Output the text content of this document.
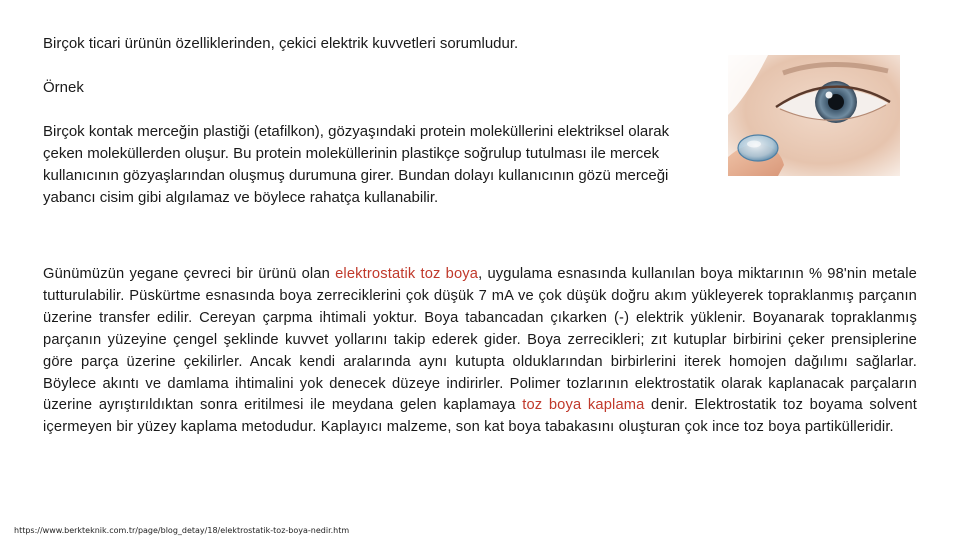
Birçok ticari ürünün özelliklerinden, çekici elektrik kuvvetleri sorumludur.
Örnek
Birçok kontak merceğin plastiği (etafilkon), gözyaşındaki protein moleküllerini elektriksel olarak çeken moleküllerden oluşur. Bu protein moleküllerinin plastikçe soğrulup tutulması ile mercek kullanıcının gözyaşlarından oluşmuş durumuna girer. Bundan dolayı kullanıcının gözü merceği yabancı cisim gibi algılamaz ve böylece rahatça kullanabilir.
Günümüzün yegane çevreci bir ürünü olan elektrostatik toz boya, uygulama esnasında kullanılan boya miktarının % 98'nin metale tutturulabilir. Püskürtme esnasında boya zerreciklerini çok düşük 7 mA ve çok düşük doğru akım yükleyerek topraklanmış parçanın üzerine transfer edilir. Cereyan çarpma ihtimali yoktur. Boya tabancadan çıkarken (-) elektrik yüklenir. Boyanarak topraklanmış parçanın yüzeyine çengel şeklinde kuvvet yollarını takip ederek gider. Boya zerrecikleri; zıt kutuplar birbirini çeker prensiplerine göre parça üzerine çekilirler. Ancak kendi aralarında aynı kutupta olduklarından birbirlerini iterek homojen dağılımı sağlarlar. Böylece akıntı ve damlama ihtimalini yok denecek düzeye indirirler. Polimer tozlarının elektrostatik olarak kaplanacak parçaların üzerine ayrıştırıldıktan sonra eritilmesi ile meydana gelen kaplamaya toz boya kaplama denir. Elektrostatik toz boyama solvent içermeyen bir yüzey kaplama metodudur. Kaplayıcı malzeme, son kat boya tabakasını oluşturan çok ince toz boya partikülleridir.
https://www.berkteknik.com.tr/page/blog_detay/18/elektrostatik-toz-boya-nedir.htm
